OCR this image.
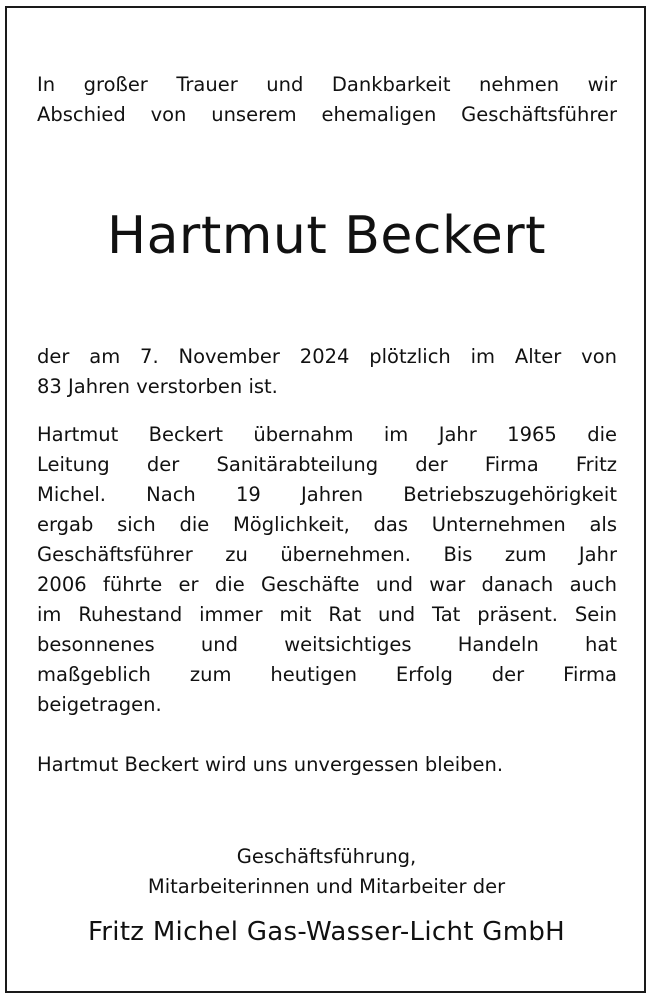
In großer Trauer und Dankbarkeit nehmen wir
Abschied von unserem ehemaligen Geschäftsführer
Hartmut Beckert
der am 7. November 2024 plötzlich im Alter von
83 Jahren verstorben ist.
Hartmut Beckert übernahm im Jahr 1965 die
Leitung der Sanitärabteilung der Firma Fritz
Michel. Nach 19 Jahren Betriebszugehörigkeit
ergab sich die Möglichkeit, das Unternehmen als
Geschäftsführer zu übernehmen. Bis zum Jahr
2006 führte er die Geschäfte und war danach auch
im Ruhestand immer mit Rat und Tat präsent. Sein
besonnenes und weitsichtiges Handeln hat
maßgeblich zum heutigen Erfolg der Firma
beigetragen.
Hartmut Beckert wird uns unvergessen bleiben.
Geschäftsführung,
Mitarbeiterinnen und Mitarbeiter der
Fritz Michel Gas-Wasser-Licht GmbH
